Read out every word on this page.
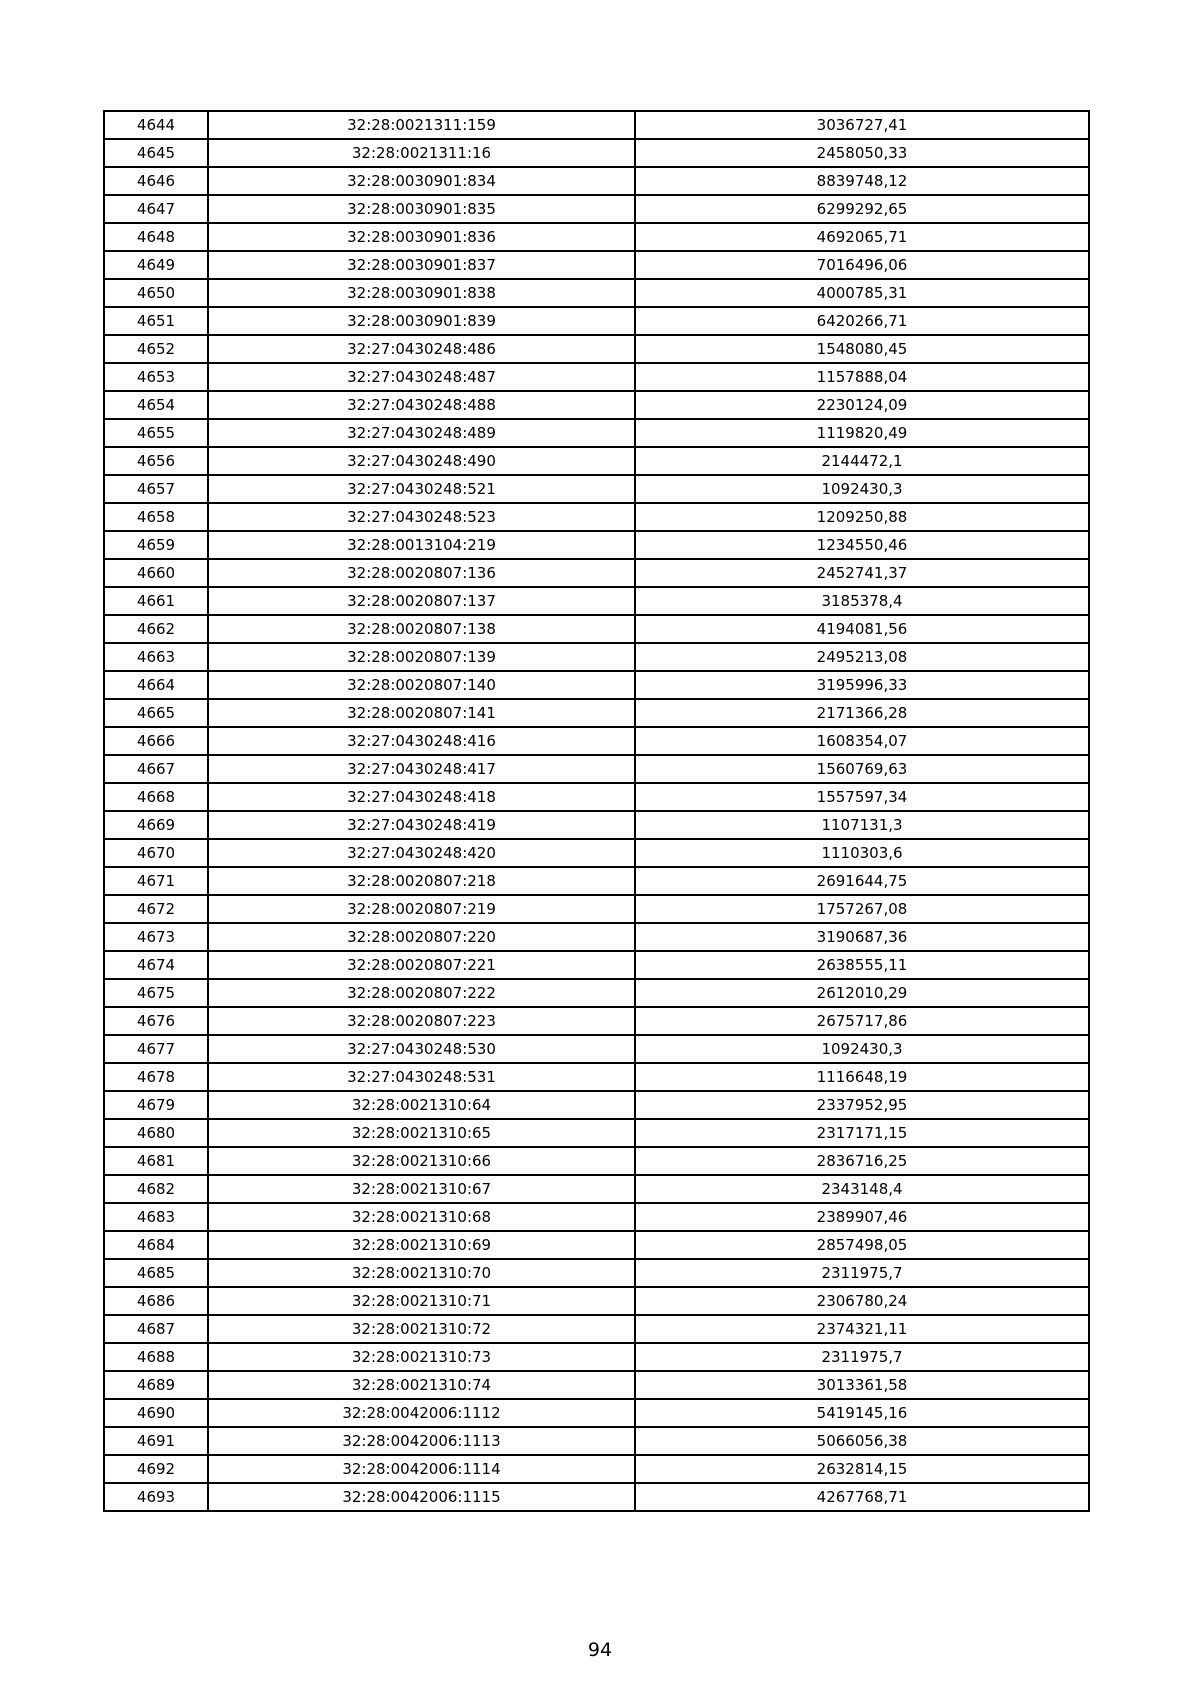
4644	32:28:0021311:159	3036727,41
4645	32:28:0021311:16	2458050,33
4646	32:28:0030901:834	8839748,12
4647	32:28:0030901:835	6299292,65
4648	32:28:0030901:836	4692065,71
4649	32:28:0030901:837	7016496,06
4650	32:28:0030901:838	4000785,31
4651	32:28:0030901:839	6420266,71
4652	32:27:0430248:486	1548080,45
4653	32:27:0430248:487	1157888,04
4654	32:27:0430248:488	2230124,09
4655	32:27:0430248:489	1119820,49
4656	32:27:0430248:490	2144472,1
4657	32:27:0430248:521	1092430,3
4658	32:27:0430248:523	1209250,88
4659	32:28:0013104:219	1234550,46
4660	32:28:0020807:136	2452741,37
4661	32:28:0020807:137	3185378,4
4662	32:28:0020807:138	4194081,56
4663	32:28:0020807:139	2495213,08
4664	32:28:0020807:140	3195996,33
4665	32:28:0020807:141	2171366,28
4666	32:27:0430248:416	1608354,07
4667	32:27:0430248:417	1560769,63
4668	32:27:0430248:418	1557597,34
4669	32:27:0430248:419	1107131,3
4670	32:27:0430248:420	1110303,6
4671	32:28:0020807:218	2691644,75
4672	32:28:0020807:219	1757267,08
4673	32:28:0020807:220	3190687,36
4674	32:28:0020807:221	2638555,11
4675	32:28:0020807:222	2612010,29
4676	32:28:0020807:223	2675717,86
4677	32:27:0430248:530	1092430,3
4678	32:27:0430248:531	1116648,19
4679	32:28:0021310:64	2337952,95
4680	32:28:0021310:65	2317171,15
4681	32:28:0021310:66	2836716,25
4682	32:28:0021310:67	2343148,4
4683	32:28:0021310:68	2389907,46
4684	32:28:0021310:69	2857498,05
4685	32:28:0021310:70	2311975,7
4686	32:28:0021310:71	2306780,24
4687	32:28:0021310:72	2374321,11
4688	32:28:0021310:73	2311975,7
4689	32:28:0021310:74	3013361,58
4690	32:28:0042006:1112	5419145,16
4691	32:28:0042006:1113	5066056,38
4692	32:28:0042006:1114	2632814,15
4693	32:28:0042006:1115	4267768,71
94
